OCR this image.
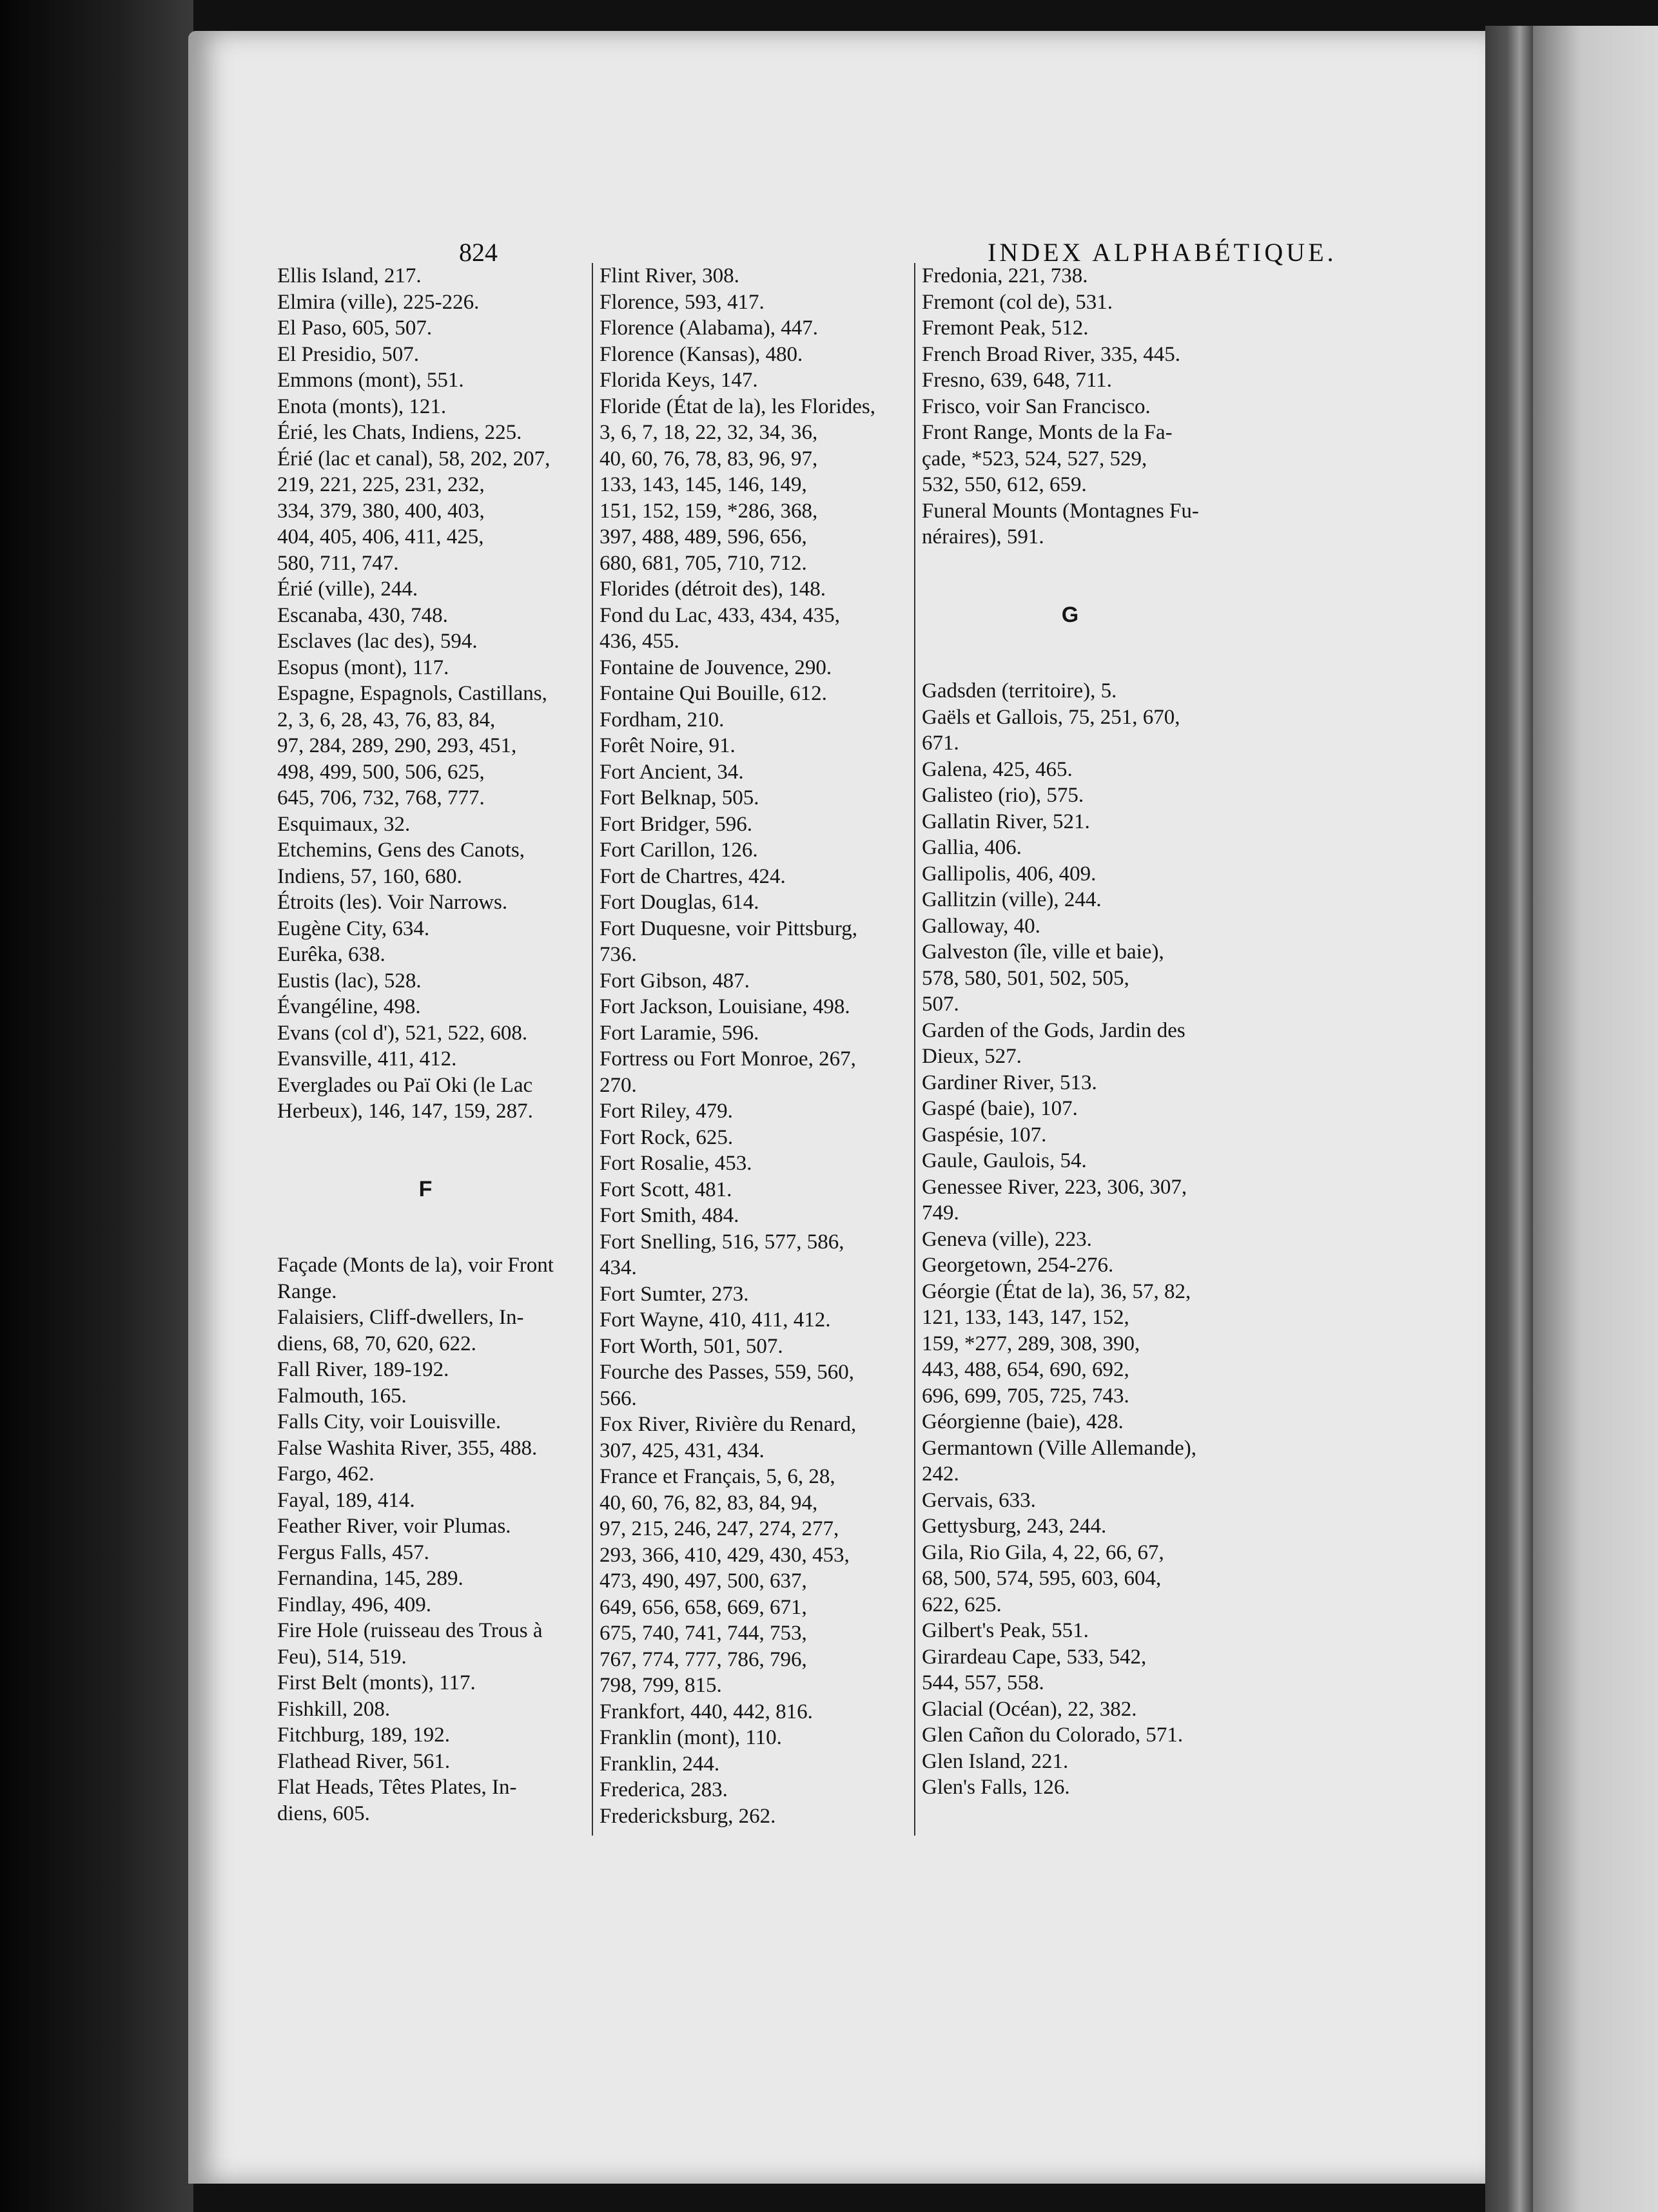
824	INDEX ALPHABÉTIQUE.
Ellis Island, 217.
Elmira (ville), 225-226.
El Paso, 605, 507.
El Presidio, 507.
Emmons (mont), 551.
Enota (monts), 121.
Érié, les Chats, Indiens, 225.
Érié (lac et canal), 58, 202, 207,
219, 221, 225, 231, 232,
334, 379, 380, 400, 403,
404, 405, 406, 411, 425,
580, 711, 747.
Érié (ville), 244.
Escanaba, 430, 748.
Esclaves (lac des), 594.
Esopus (mont), 117.
Espagne, Espagnols, Castillans,
2, 3, 6, 28, 43, 76, 83, 84,
97, 284, 289, 290, 293, 451,
498, 499, 500, 506, 625,
645, 706, 732, 768, 777.
Esquimaux, 32.
Etchemins, Gens des Canots,
Indiens, 57, 160, 680.
Étroits (les). Voir Narrows.
Eugène City, 634.
Eurêka, 638.
Eustis (lac), 528.
Évangéline, 498.
Evans (col d'), 521, 522, 608.
Evansville, 411, 412.
Everglades ou Paï Oki (le Lac
Herbeux), 146, 147, 159, 287.
F
Façade (Monts de la), voir Front
Range.
Falaisiers, Cliff-dwellers, In-
diens, 68, 70, 620, 622.
Fall River, 189-192.
Falmouth, 165.
Falls City, voir Louisville.
False Washita River, 355, 488.
Fargo, 462.
Fayal, 189, 414.
Feather River, voir Plumas.
Fergus Falls, 457.
Fernandina, 145, 289.
Findlay, 496, 409.
Fire Hole (ruisseau des Trous à
Feu), 514, 519.
First Belt (monts), 117.
Fishkill, 208.
Fitchburg, 189, 192.
Flathead River, 561.
Flat Heads, Têtes Plates, In-
diens, 605.
Flint River, 308.
Florence, 593, 417.
Florence (Alabama), 447.
Florence (Kansas), 480.
Florida Keys, 147.
Floride (État de la), les Florides,
3, 6, 7, 18, 22, 32, 34, 36,
40, 60, 76, 78, 83, 96, 97,
133, 143, 145, 146, 149,
151, 152, 159, *286, 368,
397, 488, 489, 596, 656,
680, 681, 705, 710, 712.
Florides (détroit des), 148.
Fond du Lac, 433, 434, 435,
436, 455.
Fontaine de Jouvence, 290.
Fontaine Qui Bouille, 612.
Fordham, 210.
Forêt Noire, 91.
Fort Ancient, 34.
Fort Belknap, 505.
Fort Bridger, 596.
Fort Carillon, 126.
Fort de Chartres, 424.
Fort Douglas, 614.
Fort Duquesne, voir Pittsburg,
736.
Fort Gibson, 487.
Fort Jackson, Louisiane, 498.
Fort Laramie, 596.
Fortress ou Fort Monroe, 267,
270.
Fort Riley, 479.
Fort Rock, 625.
Fort Rosalie, 453.
Fort Scott, 481.
Fort Smith, 484.
Fort Snelling, 516, 577, 586,
434.
Fort Sumter, 273.
Fort Wayne, 410, 411, 412.
Fort Worth, 501, 507.
Fourche des Passes, 559, 560,
566.
Fox River, Rivière du Renard,
307, 425, 431, 434.
France et Français, 5, 6, 28,
40, 60, 76, 82, 83, 84, 94,
97, 215, 246, 247, 274, 277,
293, 366, 410, 429, 430, 453,
473, 490, 497, 500, 637,
649, 656, 658, 669, 671,
675, 740, 741, 744, 753,
767, 774, 777, 786, 796,
798, 799, 815.
Frankfort, 440, 442, 816.
Franklin (mont), 110.
Franklin, 244.
Frederica, 283.
Fredericksburg, 262.
Fredonia, 221, 738.
Fremont (col de), 531.
Fremont Peak, 512.
French Broad River, 335, 445.
Fresno, 639, 648, 711.
Frisco, voir San Francisco.
Front Range, Monts de la Fa-
çade, *523, 524, 527, 529,
532, 550, 612, 659.
Funeral Mounts (Montagnes Fu-
néraires), 591.
G
Gadsden (territoire), 5.
Gaëls et Gallois, 75, 251, 670,
671.
Galena, 425, 465.
Galisteo (rio), 575.
Gallatin River, 521.
Gallia, 406.
Gallipolis, 406, 409.
Gallitzin (ville), 244.
Galloway, 40.
Galveston (île, ville et baie),
578, 580, 501, 502, 505,
507.
Garden of the Gods, Jardin des
Dieux, 527.
Gardiner River, 513.
Gaspé (baie), 107.
Gaspésie, 107.
Gaule, Gaulois, 54.
Genessee River, 223, 306, 307,
749.
Geneva (ville), 223.
Georgetown, 254-276.
Géorgie (État de la), 36, 57, 82,
121, 133, 143, 147, 152,
159, *277, 289, 308, 390,
443, 488, 654, 690, 692,
696, 699, 705, 725, 743.
Géorgienne (baie), 428.
Germantown (Ville Allemande),
242.
Gervais, 633.
Gettysburg, 243, 244.
Gila, Rio Gila, 4, 22, 66, 67,
68, 500, 574, 595, 603, 604,
622, 625.
Gilbert's Peak, 551.
Girardeau Cape, 533, 542,
544, 557, 558.
Glacial (Océan), 22, 382.
Glen Cañon du Colorado, 571.
Glen Island, 221.
Glen's Falls, 126.
